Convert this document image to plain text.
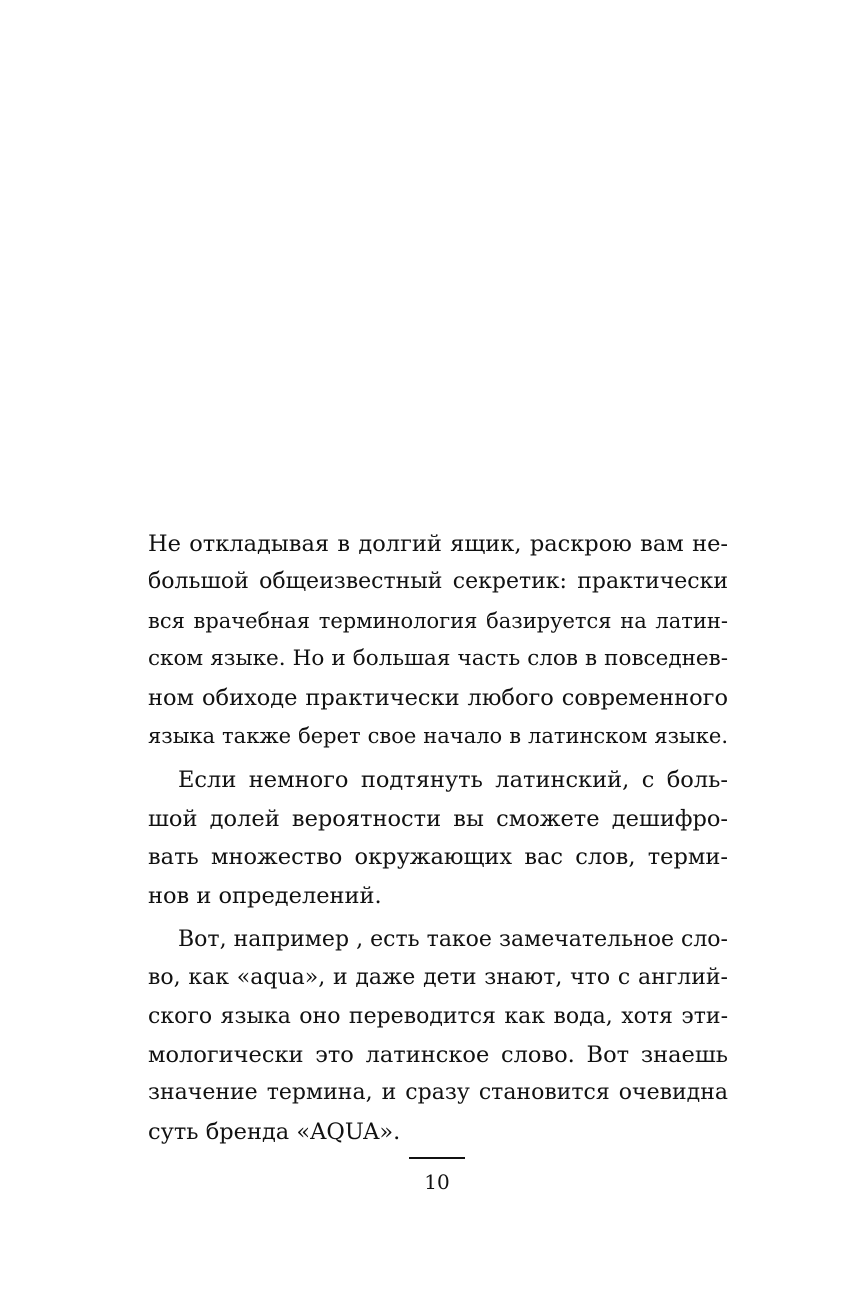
Не откладывая в долгий ящик, раскрою вам не-
большой общеизвестный секретик: практически
вся врачебная терминология базируется на латин-
ском языке. Но и большая часть слов в повседнев-
ном обиходе практически любого современного
языка также берет свое начало в латинском языке.
Если немного подтянуть латинский, с боль-
шой долей вероятности вы сможете дешифро-
вать множество окружающих вас слов, терми-
нов и определений.
Вот, например , есть такое замечательное сло-
во, как «aqua», и даже дети знают, что с англий-
ского языка оно переводится как вода, хотя эти-
мологически это латинское слово. Вот знаешь
значение термина, и сразу становится очевидна
суть бренда «AQUA».
10
